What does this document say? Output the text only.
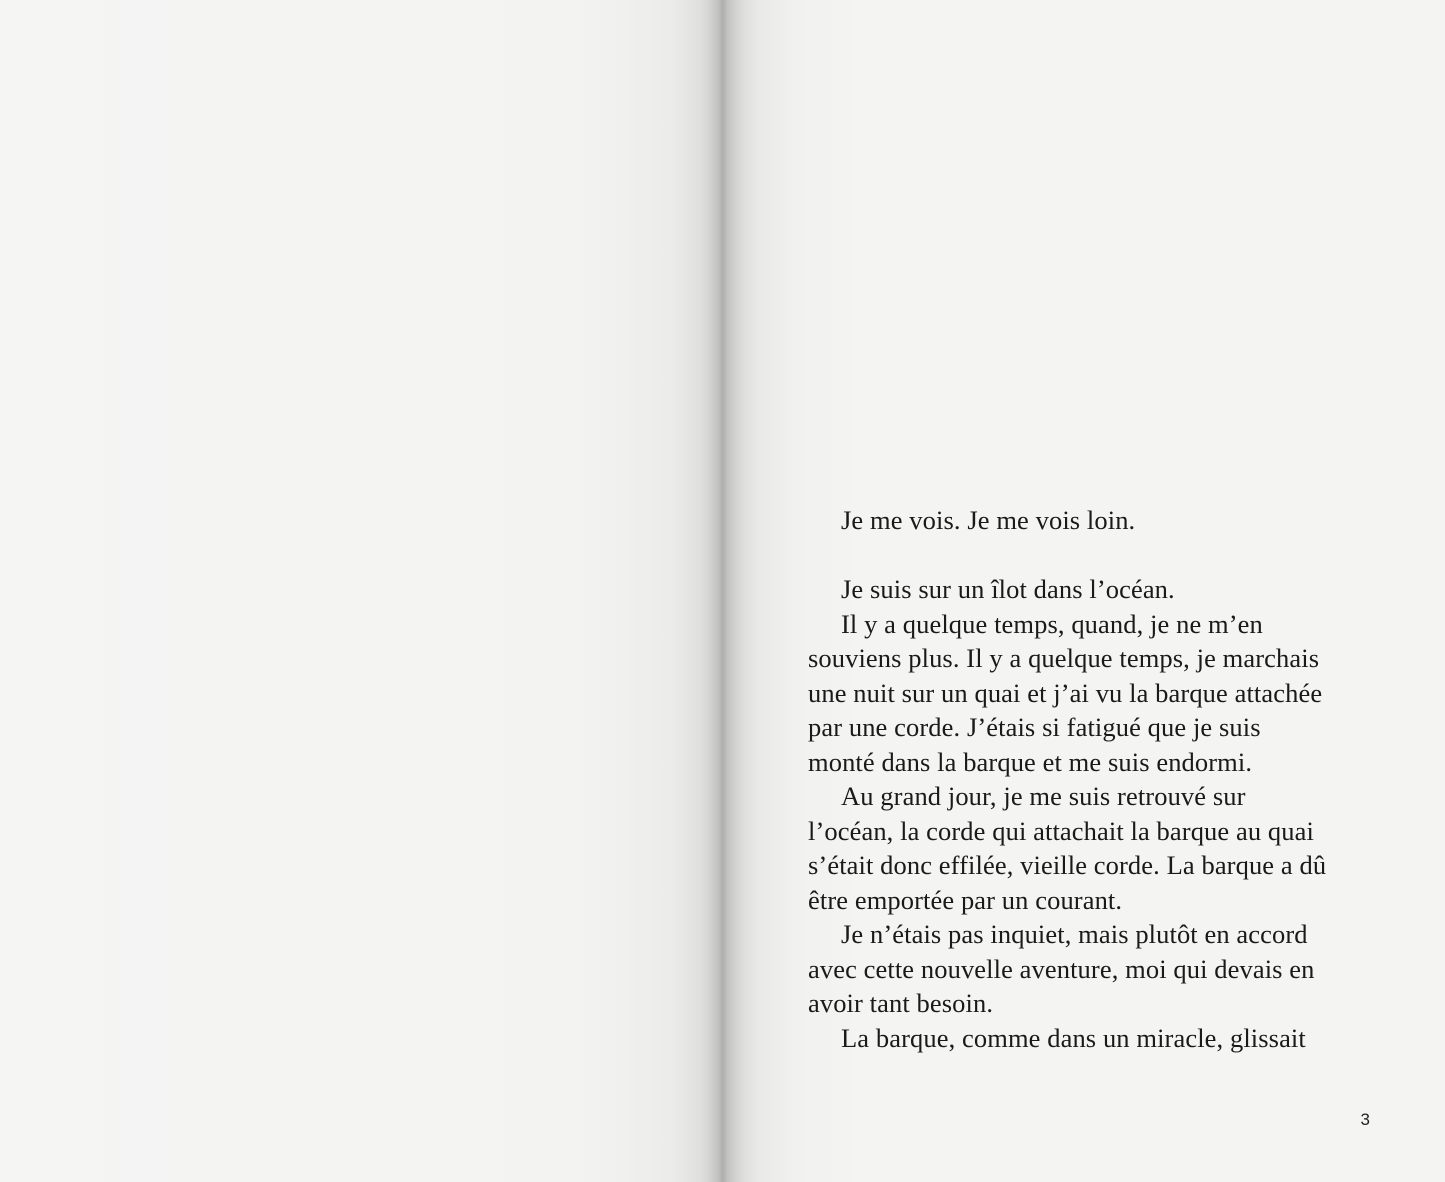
Je me vois. Je me vois loin.
Je suis sur un îlot dans l’océan.
Il y a quelque temps, quand, je ne m’en
souviens plus. Il y a quelque temps, je marchais
une nuit sur un quai et j’ai vu la barque attachée
par une corde. J’étais si fatigué que je suis
monté dans la barque et me suis endormi.
Au grand jour, je me suis retrouvé sur
l’océan, la corde qui attachait la barque au quai
s’était donc effilée, vieille corde. La barque a dû
être emportée par un courant.
Je n’étais pas inquiet, mais plutôt en accord
avec cette nouvelle aventure, moi qui devais en
avoir tant besoin.
La barque, comme dans un miracle, glissait
3
